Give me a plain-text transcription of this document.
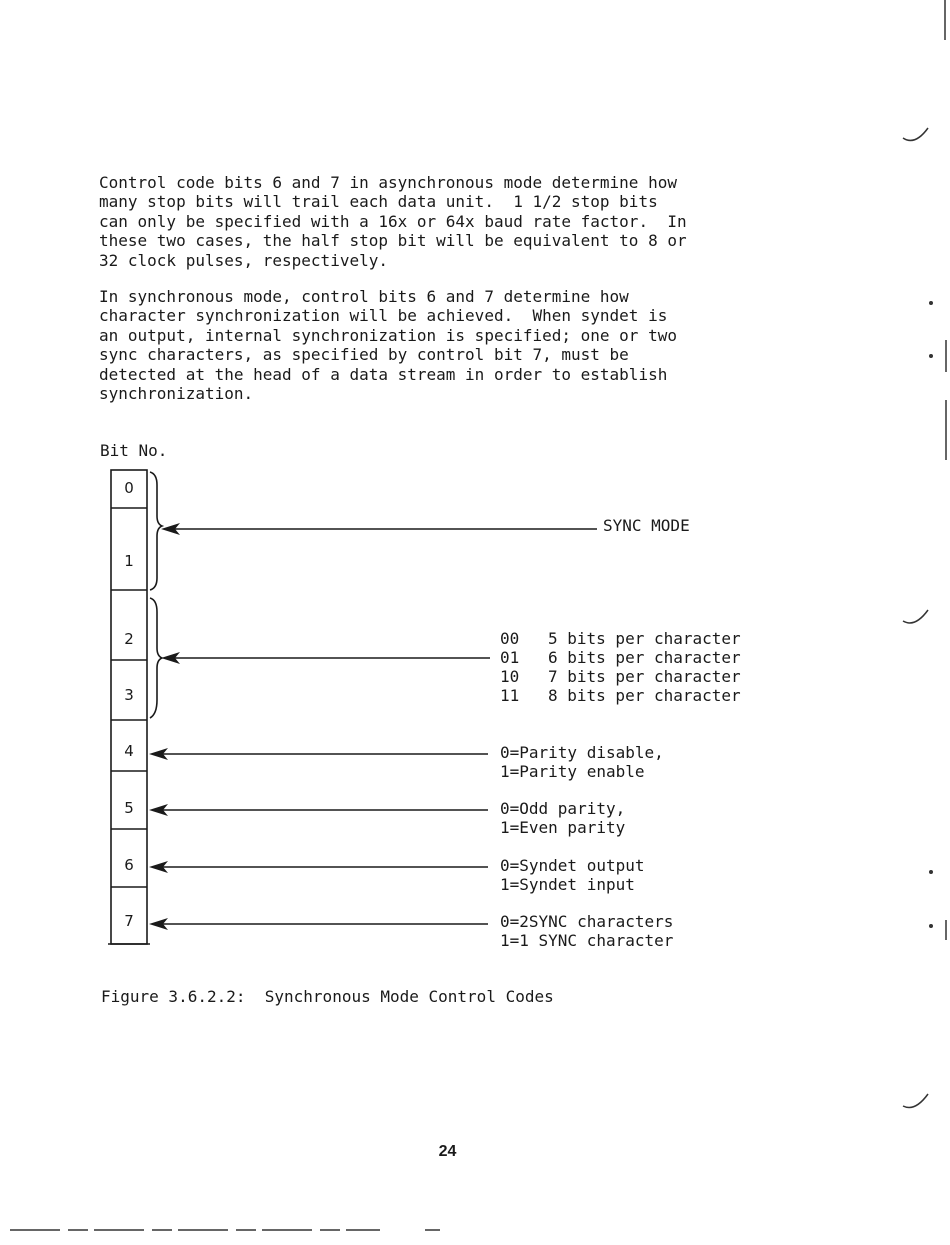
Control code bits 6 and 7 in asynchronous mode determine how
many stop bits will trail each data unit.  1 1/2 stop bits
can only be specified with a 16x or 64x baud rate factor.  In
these two cases, the half stop bit will be equivalent to 8 or
32 clock pulses, respectively.
In synchronous mode, control bits 6 and 7 determine how
character synchronization will be achieved.  When syndet is
an output, internal synchronization is specified; one or two
sync characters, as specified by control bit 7, must be
detected at the head of a data stream in order to establish
synchronization.
Bit No.
0
1
2
3
4
5
6
7
SYNC MODE
00 5 bits per character
01 6 bits per character
10 7 bits per character
11 8 bits per character
0=Parity disable,
1=Parity enable
0=Odd parity,
1=Even parity
0=Syndet output
1=Syndet input
0=2SYNC characters
1=1 SYNC character
Figure 3.6.2.2:  Synchronous Mode Control Codes
24
